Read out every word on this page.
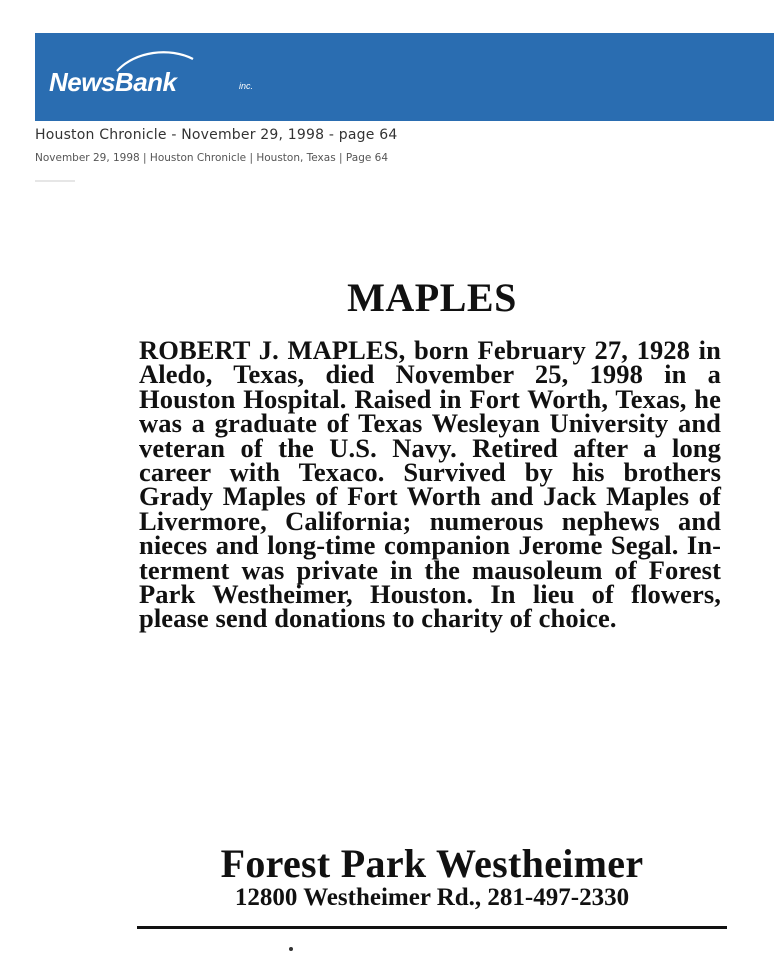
NewsBank	inc.
Houston Chronicle - November 29, 1998 - page 64
November 29, 1998 | Houston Chronicle | Houston, Texas | Page 64
MAPLES
ROBERT J. MAPLES, born February 27, 1928 in Aledo, Texas, died November 25, 1998 in a Houston Hospital. Raised in Fort Worth, Texas, he was a graduate of Texas Wesleyan University and veteran of the U.S. Navy. Retired after a long career with Texaco. Survived by his brothers Grady Maples of Fort Worth and Jack Maples of Livermore, California; numerous nephews and nieces and long-time companion Jerome Segal. Interment was private in the mausoleum of Forest Park Westheimer, Houston. In lieu of flowers, please send donations to charity of choice.
Forest Park Westheimer
12800 Westheimer Rd., 281-497-2330
